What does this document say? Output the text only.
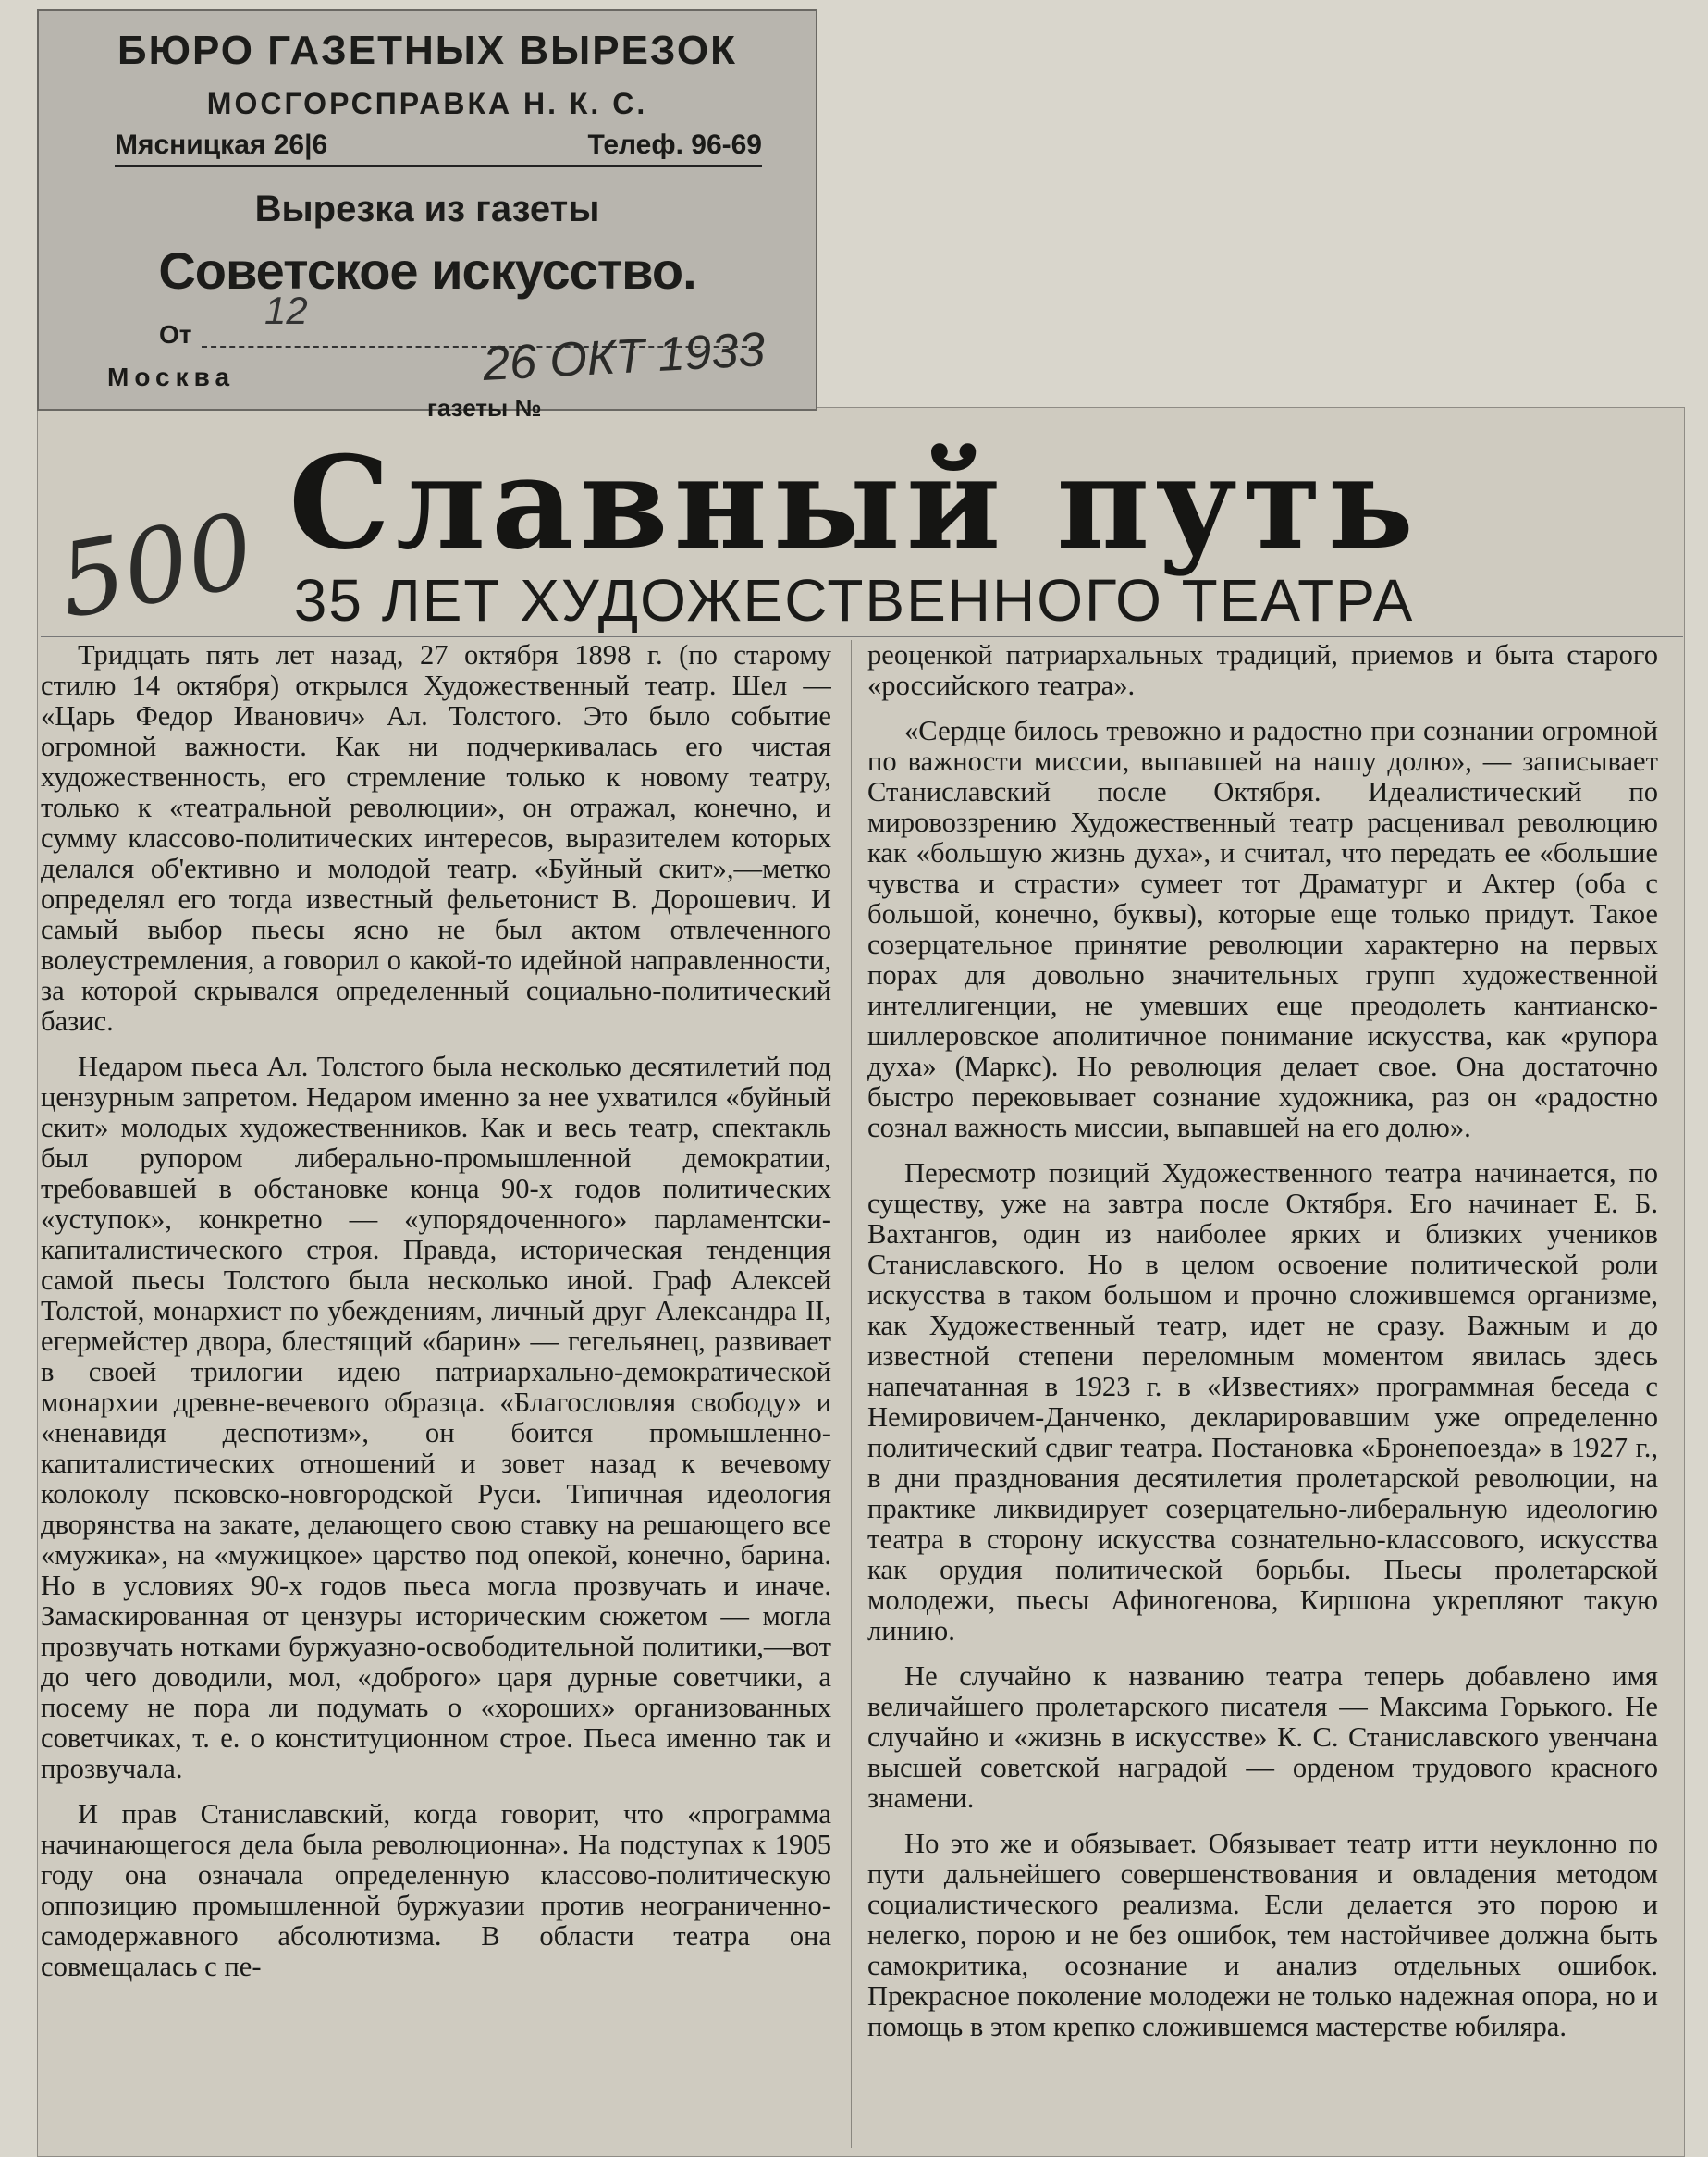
БЮРО ГАЗЕТНЫХ ВЫРЕЗОК
МОСГОРСПРАВКА Н. К. С.
Мясницкая 26|6	Телеф. 96-69
Вырезка из газеты
Советское искусство.
12
От	26 ОКТ 1933
Москва
газеты №
500 Славный путь
35 ЛЕТ ХУДОЖЕСТВЕННОГО ТЕАТРА

Тридцать пять лет назад, 27 октября 1898 г. (по старому стилю 14 октября) открылся Художественный театр. Шел — «Царь Федор Иванович» Ал. Толстого. Это было событие огромной важности. Как ни подчеркивалась его чистая художественность, его стремление только к новому театру, только к «театральной революции», он отражал, конечно, и сумму классово-политических интересов, выразителем которых делался об'ективно и молодой театр. «Буйный скит»,—метко определял его тогда известный фельетонист В. Дорошевич. И самый выбор пьесы ясно не был актом отвлеченного волеустремления, а говорил о какой-то идейной направленности, за которой скрывался определенный социально-политический базис.

Недаром пьеса Ал. Толстого была несколько десятилетий под цензурным запретом. Недаром именно за нее ухватился «буйный скит» молодых художественников. Как и весь театр, спектакль был рупором либерально-промышленной демократии, требовавшей в обстановке конца 90-х годов политических «уступок», конкретно — «упорядоченного» парламентски-капиталистического строя. Правда, историческая тенденция самой пьесы Толстого была несколько иной. Граф Алексей Толстой, монархист по убеждениям, личный друг Александра II, егермейстер двора, блестящий «барин» — гегельянец, развивает в своей трилогии идею патриархально-демократической монархии древне-вечевого образца. «Благословляя свободу» и «ненавидя деспотизм», он боится промышленно-капиталистических отношений и зовет назад к вечевому колоколу псковско-новгородской Руси. Типичная идеология дворянства на закате, делающего свою ставку на решающего все «мужика», на «мужицкое» царство под опекой, конечно, барина. Но в условиях 90-х годов пьеса могла прозвучать и иначе. Замаскированная от цензуры историческим сюжетом — могла прозвучать нотками буржуазно-освободительной политики,—вот до чего доводили, мол, «доброго» царя дурные советчики, а посему не пора ли подумать о «хороших» организованных советчиках, т. е. о конституционном строе. Пьеса именно так и прозвучала.

И прав Станиславский, когда говорит, что «программа начинающегося дела была революционна». На подступах к 1905 году она означала определенную классово-политическую оппозицию промышленной буржуазии против неограниченно-самодержавного абсолютизма. В области театра она совмещалась с пе-

реоценкой патриархальных традиций, приемов и быта старого «российского театра».

«Сердце билось тревожно и радостно при сознании огромной по важности миссии, выпавшей на нашу долю», — записывает Станиславский после Октября. Идеалистический по мировоззрению Художественный театр расценивал революцию как «большую жизнь духа», и считал, что передать ее «большие чувства и страсти» сумеет тот Драматург и Актер (оба с большой, конечно, буквы), которые еще только придут. Такое созерцательное принятие революции характерно на первых порах для довольно значительных групп художественной интеллигенции, не умевших еще преодолеть кантианско-шиллеровское аполитичное понимание искусства, как «рупора духа» (Маркс). Но революция делает свое. Она достаточно быстро перековывает сознание художника, раз он «радостно сознал важность миссии, выпавшей на его долю».

Пересмотр позиций Художественного театра начинается, по существу, уже на завтра после Октября. Его начинает Е. Б. Вахтангов, один из наиболее ярких и близких учеников Станиславского. Но в целом освоение политической роли искусства в таком большом и прочно сложившемся организме, как Художественный театр, идет не сразу. Важным и до известной степени переломным моментом явилась здесь напечатанная в 1923 г. в «Известиях» программная беседа с Немировичем-Данченко, декларировавшим уже определенно политический сдвиг театра. Постановка «Бронепоезда» в 1927 г., в дни празднования десятилетия пролетарской революции, на практике ликвидирует созерцательно-либеральную идеологию театра в сторону искусства сознательно-классового, искусства как орудия политической борьбы. Пьесы пролетарской молодежи, пьесы Афиногенова, Киршона укрепляют такую линию.

Не случайно к названию театра теперь добавлено имя величайшего пролетарского писателя — Максима Горького. Не случайно и «жизнь в искусстве» К. С. Станиславского увенчана высшей советской наградой — орденом трудового красного знамени.

Но это же и обязывает. Обязывает театр итти неуклонно по пути дальнейшего совершенствования и овладения методом социалистического реализма. Если делается это порою и нелегко, порою и не без ошибок, тем настойчивее должна быть самокритика, осознание и анализ отдельных ошибок. Прекрасное поколение молодежи не только надежная опора, но и помощь в этом крепко сложившемся мастерстве юбиляра.
